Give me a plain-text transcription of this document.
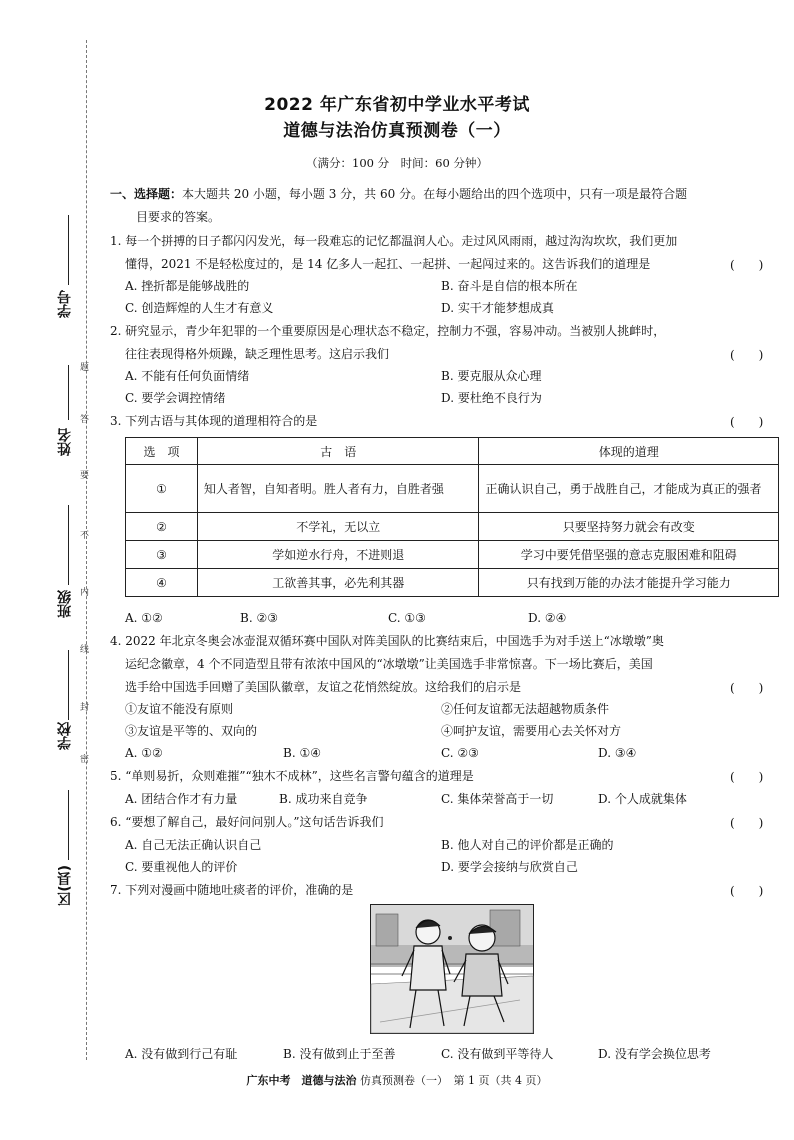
学号
姓名
班级
学校
区(县)
题
答
要
不
内
线
封
密
2022 年广东省初中学业水平考试
道德与法治仿真预测卷（一）
（满分：100 分　时间：60 分钟）
一、选择题：本大题共 20 小题，每小题 3 分，共 60 分。在每小题给出的四个选项中，只有一项是最符合题
目要求的答案。
1. 每一个拼搏的日子都闪闪发光，每一段难忘的记忆都温润人心。走过风风雨雨，越过沟沟坎坎，我们更加
懂得，2021 不是轻松度过的，是 14 亿多人一起扛、一起拼、一起闯过来的。这告诉我们的道理是	(　　)
A. 挫折都是能够战胜的	B. 奋斗是自信的根本所在
C. 创造辉煌的人生才有意义	D. 实干才能梦想成真
2. 研究显示，青少年犯罪的一个重要原因是心理状态不稳定，控制力不强，容易冲动。当被别人挑衅时，
往往表现得格外烦躁，缺乏理性思考。这启示我们	(　　)
A. 不能有任何负面情绪	B. 要克服从众心理
C. 要学会调控情绪	D. 要杜绝不良行为
3. 下列古语与其体现的道理相符合的是	(　　)
选　项	古　语	体现的道理
①	知人者智，自知者明。胜人者有力，自胜者强	正确认识自己，勇于战胜自己，才能成为真正的强者
②	不学礼，无以立	只要坚持努力就会有改变
③	学如逆水行舟，不进则退	学习中要凭借坚强的意志克服困难和阻碍
④	工欲善其事，必先利其器	只有找到万能的办法才能提升学习能力
A. ①②	B. ②③	C. ①③	D. ②④
4. 2022 年北京冬奥会冰壶混双循环赛中国队对阵美国队的比赛结束后，中国选手为对手送上“冰墩墩”奥
运纪念徽章，4 个不同造型且带有浓浓中国风的“冰墩墩”让美国选手非常惊喜。下一场比赛后，美国
选手给中国选手回赠了美国队徽章，友谊之花悄然绽放。这给我们的启示是	(　　)
①友谊不能没有原则	②任何友谊都无法超越物质条件
③友谊是平等的、双向的	④呵护友谊，需要用心去关怀对方
A. ①②	B. ①④	C. ②③	D. ③④
5. “单则易折，众则难摧”“独木不成林”，这些名言警句蕴含的道理是	(　　)
A. 团结合作才有力量	B. 成功来自竞争	C. 集体荣誉高于一切	D. 个人成就集体
6. “要想了解自己，最好问问别人。”这句话告诉我们	(　　)
A. 自己无法正确认识自己	B. 他人对自己的评价都是正确的
C. 要重视他人的评价	D. 要学会接纳与欣赏自己
7. 下列对漫画中随地吐痰者的评价，准确的是	(　　)
A. 没有做到行己有耻	B. 没有做到止于至善	C. 没有做到平等待人	D. 没有学会换位思考
广东中考　道德与法治 仿真预测卷（一）　第 1 页（共 4 页）
